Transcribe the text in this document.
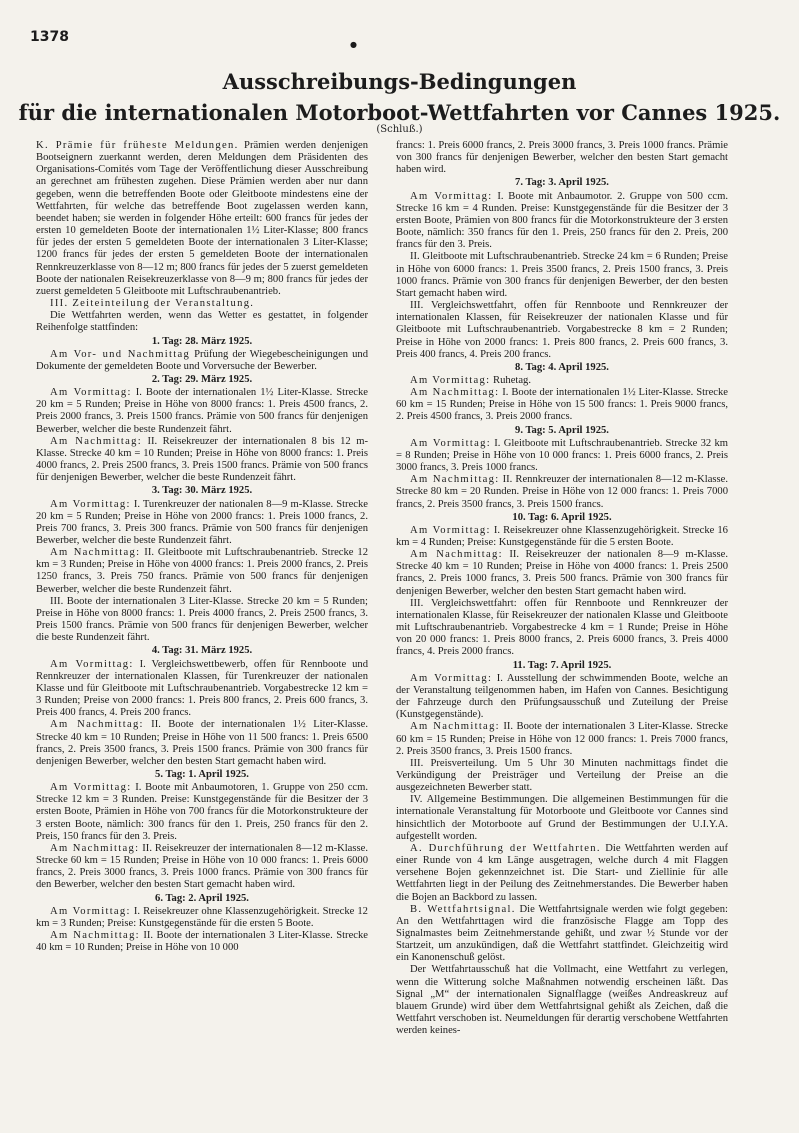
1378	●
Ausschreibungs-Bedingungen
für die internationalen Motorboot-Wettfahrten vor Cannes 1925.
(Schluß.)

K. Prämie für früheste Meldungen. Prämien werden denjenigen Bootseignern zuerkannt werden, deren Meldungen dem Präsidenten des Organisations-Comités vom Tage der Veröffentlichung dieser Ausschreibung an gerechnet am frühesten zugehen. Diese Prämien werden aber nur dann gegeben, wenn die betreffenden Boote oder Gleitboote mindestens eine der Wettfahrten, für welche das betreffende Boot zugelassen werden kann, beendet haben; sie werden in folgender Höhe erteilt: 600 francs für jedes der ersten 10 gemeldeten Boote der internationalen 1½ Liter-Klasse; 800 francs für jedes der ersten 5 gemeldeten Boote der internationalen 3 Liter-Klasse; 1200 francs für jedes der ersten 5 gemeldeten Boote der internationalen Rennkreuzerklasse von 8—12 m; 800 francs für jedes der 5 zuerst gemeldeten Boote der nationalen Reisekreuzerklasse von 8—9 m; 800 francs für jedes der zuerst gemeldeten 5 Gleitboote mit Luftschraubenantrieb.

III. Zeiteinteilung der Veranstaltung.

Die Wettfahrten werden, wenn das Wetter es gestattet, in folgender Reihenfolge stattfinden:

1. Tag: 28. März 1925.

Am Vor- und Nachmittag Prüfung der Wiegebescheinigungen und Dokumente der gemeldeten Boote und Vorversuche der Bewerber.

2. Tag: 29. März 1925.

Am Vormittag: I. Boote der internationalen 1½ Liter-Klasse. Strecke 20 km = 5 Runden; Preise in Höhe von 8000 francs: 1. Preis 4500 francs, 2. Preis 2000 francs, 3. Preis 1500 francs. Prämie von 500 francs für denjenigen Bewerber, welcher die beste Rundenzeit fährt.

Am Nachmittag: II. Reisekreuzer der internationalen 8 bis 12 m-Klasse. Strecke 40 km = 10 Runden; Preise in Höhe von 8000 francs: 1. Preis 4000 francs, 2. Preis 2500 francs, 3. Preis 1500 francs. Prämie von 500 francs für denjenigen Bewerber, welcher die beste Rundenzeit fährt.

3. Tag: 30. März 1925.

Am Vormittag: I. Turenkreuzer der nationalen 8—9 m-Klasse. Strecke 20 km = 5 Runden; Preise in Höhe von 2000 francs: 1. Preis 1000 francs, 2. Preis 700 francs, 3. Preis 300 francs. Prämie von 500 francs für denjenigen Bewerber, welcher die beste Rundenzeit fährt.

Am Nachmittag: II. Gleitboote mit Luftschraubenantrieb. Strecke 12 km = 3 Runden; Preise in Höhe von 4000 francs: 1. Preis 2000 francs, 2. Preis 1250 francs, 3. Preis 750 francs. Prämie von 500 francs für denjenigen Bewerber, welcher die beste Rundenzeit fährt.

III. Boote der internationalen 3 Liter-Klasse. Strecke 20 km = 5 Runden; Preise in Höhe von 8000 francs: 1. Preis 4000 francs, 2. Preis 2500 francs, 3. Preis 1500 francs. Prämie von 500 francs für denjenigen Bewerber, welcher die beste Rundenzeit fährt.

4. Tag: 31. März 1925.

Am Vormittag: I. Vergleichswettbewerb, offen für Rennboote und Rennkreuzer der internationalen Klassen, für Turenkreuzer der nationalen Klasse und für Gleitboote mit Luftschraubenantrieb. Vorgabestrecke 12 km = 3 Runden; Preise von 2000 francs: 1. Preis 800 francs, 2. Preis 600 francs, 3. Preis 400 francs, 4. Preis 200 francs.

Am Nachmittag: II. Boote der internationalen 1½ Liter-Klasse. Strecke 40 km = 10 Runden; Preise in Höhe von 11 500 francs: 1. Preis 6500 francs, 2. Preis 3500 francs, 3. Preis 1500 francs. Prämie von 300 francs für denjenigen Bewerber, welcher den besten Start gemacht haben wird.

5. Tag: 1. April 1925.

Am Vormittag: I. Boote mit Anbaumotoren, 1. Gruppe von 250 ccm. Strecke 12 km = 3 Runden. Preise: Kunstgegenstände für die Besitzer der 3 ersten Boote, Prämien in Höhe von 700 francs für die Motorkonstrukteure der 3 ersten Boote, nämlich: 300 francs für den 1. Preis, 250 francs für den 2. Preis, 150 francs für den 3. Preis.

Am Nachmittag: II. Reisekreuzer der internationalen 8—12 m-Klasse. Strecke 60 km = 15 Runden; Preise in Höhe von 10 000 francs: 1. Preis 6000 francs, 2. Preis 3000 francs, 3. Preis 1000 francs. Prämie von 300 francs für den Bewerber, welcher den besten Start gemacht haben wird.

6. Tag: 2. April 1925.

Am Vormittag: I. Reisekreuzer ohne Klassenzugehörigkeit. Strecke 12 km = 3 Runden; Preise: Kunstgegenstände für die ersten 5 Boote.

Am Nachmittag: II. Boote der internationalen 3 Liter-Klasse. Strecke 40 km = 10 Runden; Preise in Höhe von 10 000

francs: 1. Preis 6000 francs, 2. Preis 3000 francs, 3. Preis 1000 francs. Prämie von 300 francs für denjenigen Bewerber, welcher den besten Start gemacht haben wird.

7. Tag: 3. April 1925.

Am Vormittag: I. Boote mit Anbaumotor. 2. Gruppe von 500 ccm. Strecke 16 km = 4 Runden. Preise: Kunstgegenstände für die Besitzer der 3 ersten Boote, Prämien von 800 francs für die Motorkonstrukteure der 3 ersten Boote, nämlich: 350 francs für den 1. Preis, 250 francs für den 2. Preis, 200 francs für den 3. Preis.

II. Gleitboote mit Luftschraubenantrieb. Strecke 24 km = 6 Runden; Preise in Höhe von 6000 francs: 1. Preis 3500 francs, 2. Preis 1500 francs, 3. Preis 1000 francs. Prämie von 300 francs für denjenigen Bewerber, der den besten Start gemacht haben wird.

III. Vergleichswettfahrt, offen für Rennboote und Rennkreuzer der internationalen Klassen, für Reisekreuzer der nationalen Klasse und für Gleitboote mit Luftschraubenantrieb. Vorgabestrecke 8 km = 2 Runden; Preise in Höhe von 2000 francs: 1. Preis 800 francs, 2. Preis 600 francs, 3. Preis 400 francs, 4. Preis 200 francs.

8. Tag: 4. April 1925.

Am Vormittag: Ruhetag.

Am Nachmittag: I. Boote der internationalen 1½ Liter-Klasse. Strecke 60 km = 15 Runden; Preise in Höhe von 15 500 francs: 1. Preis 9000 francs, 2. Preis 4500 francs, 3. Preis 2000 francs.

9. Tag: 5. April 1925.

Am Vormittag: I. Gleitboote mit Luftschraubenantrieb. Strecke 32 km = 8 Runden; Preise in Höhe von 10 000 francs: 1. Preis 6000 francs, 2. Preis 3000 francs, 3. Preis 1000 francs.

Am Nachmittag: II. Rennkreuzer der internationalen 8—12 m-Klasse. Strecke 80 km = 20 Runden. Preise in Höhe von 12 000 francs: 1. Preis 7000 francs, 2. Preis 3500 francs, 3. Preis 1500 francs.

10. Tag: 6. April 1925.

Am Vormittag: I. Reisekreuzer ohne Klassenzugehörigkeit. Strecke 16 km = 4 Runden; Preise: Kunstgegenstände für die 5 ersten Boote.

Am Nachmittag: II. Reisekreuzer der nationalen 8—9 m-Klasse. Strecke 40 km = 10 Runden; Preise in Höhe von 4000 francs: 1. Preis 2500 francs, 2. Preis 1000 francs, 3. Preis 500 francs. Prämie von 300 francs für denjenigen Bewerber, welcher den besten Start gemacht haben wird.

III. Vergleichswettfahrt: offen für Rennboote und Rennkreuzer der internationalen Klasse, für Reisekreuzer der nationalen Klasse und Gleitboote mit Luftschraubenantrieb. Vorgabestrecke 4 km = 1 Runde; Preise in Höhe von 20 000 francs: 1. Preis 8000 francs, 2. Preis 6000 francs, 3. Preis 4000 francs, 4. Preis 2000 francs.

11. Tag: 7. April 1925.

Am Vormittag: I. Ausstellung der schwimmenden Boote, welche an der Veranstaltung teilgenommen haben, im Hafen von Cannes. Besichtigung der Fahrzeuge durch den Prüfungsausschuß und Zuteilung der Preise (Kunstgegenstände).

Am Nachmittag: II. Boote der internationalen 3 Liter-Klasse. Strecke 60 km = 15 Runden; Preise in Höhe von 12 000 francs: 1. Preis 7000 francs, 2. Preis 3500 francs, 3. Preis 1500 francs.

III. Preisverteilung. Um 5 Uhr 30 Minuten nachmittags findet die Verkündigung der Preisträger und Verteilung der Preise an die ausgezeichneten Bewerber statt.

IV. Allgemeine Bestimmungen. Die allgemeinen Bestimmungen für die internationale Veranstaltung für Motorboote und Gleitboote vor Cannes sind hinsichtlich der Motorboote auf Grund der Bestimmungen der U.I.Y.A. aufgestellt worden.

A. Durchführung der Wettfahrten. Die Wettfahrten werden auf einer Runde von 4 km Länge ausgetragen, welche durch 4 mit Flaggen versehene Bojen gekennzeichnet ist. Die Start- und Ziellinie für alle Wettfahrten liegt in der Peilung des Zeitnehmerstandes. Die Bewerber haben die Bojen an Backbord zu lassen.

B. Wettfahrtsignal. Die Wettfahrtsignale werden wie folgt gegeben: An den Wettfahrttagen wird die französische Flagge am Topp des Signalmastes beim Zeitnehmerstande gehißt, und zwar ½ Stunde vor der Startzeit, um anzukündigen, daß die Wettfahrt stattfindet. Gleichzeitig wird ein Kanonenschuß gelöst.

Der Wettfahrtausschuß hat die Vollmacht, eine Wettfahrt zu verlegen, wenn die Witterung solche Maßnahmen notwendig erscheinen läßt. Das Signal „M“ der internationalen Signalflagge (weißes Andreaskreuz auf blauem Grunde) wird über dem Wettfahrtsignal gehißt als Zeichen, daß die Wettfahrt verschoben ist. Neumeldungen für derartig verschobene Wettfahrten werden keines-
